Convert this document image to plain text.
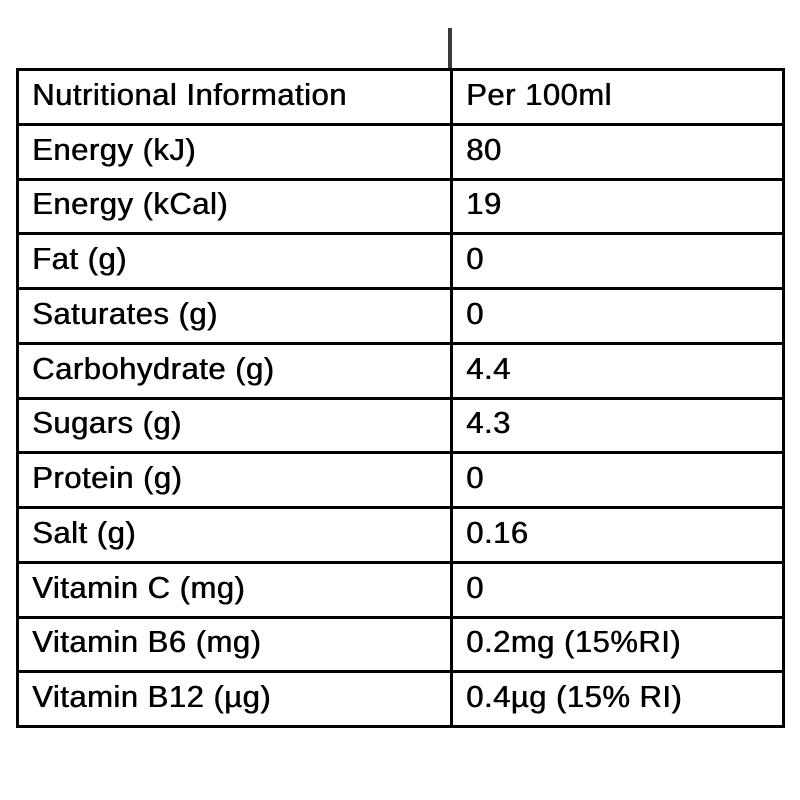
Nutritional Information	Per 100ml
Energy (kJ)	80
Energy (kCal)	19
Fat (g)	0
Saturates (g)	0
Carbohydrate (g)	4.4
Sugars (g)	4.3
Protein (g)	0
Salt (g)	0.16
Vitamin C (mg)	0
Vitamin B6 (mg)	0.2mg (15%RI)
Vitamin B12 (µg)	0.4µg (15% RI)
